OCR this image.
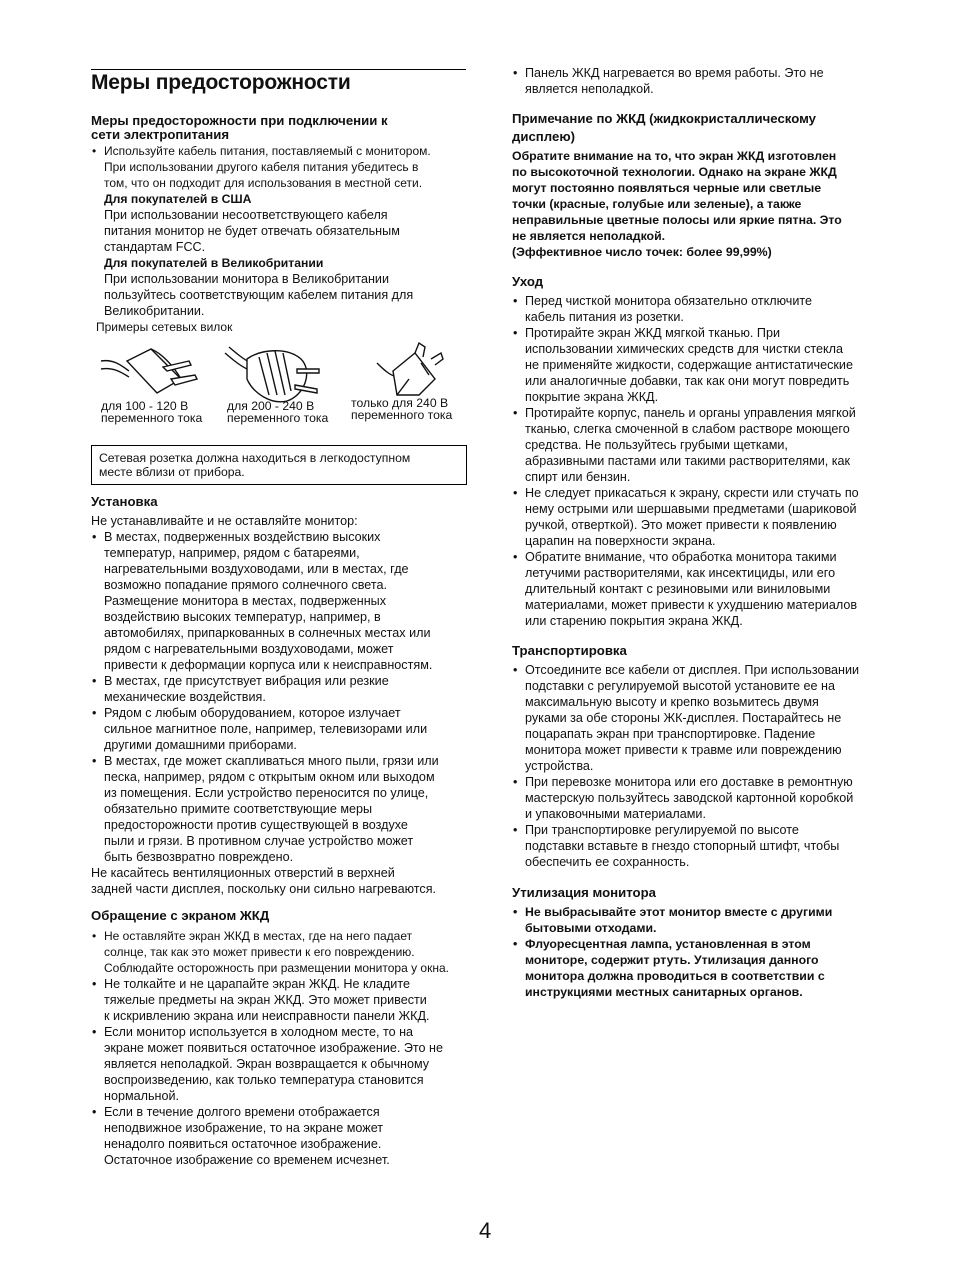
Меры предосторожности
Меры предосторожности при подключении к
сети электропитания
• Используйте кабель питания, поставляемый с монитором.
При использовании другого кабеля питания убедитесь в
том, что он подходит для использования в местной сети.

Для покупателей в США

При использовании несоответствующего кабеля
питания монитор не будет отвечать обязательным
стандартам FCC.

Для покупателей в Великобритании

При использовании монитора в Великобритании
пользуйтесь соответствующим кабелем питания для
Великобритании.

Примеры сетевых вилок

для 100 - 120 В
переменного тока
для 200 - 240 В
переменного тока
только для 240 В
переменного тока
Сетевая розетка должна находиться в легкодоступном
месте вблизи от прибора.

Установка

Не устанавливайте и не оставляйте монитор:

• В местах, подверженных воздействию высоких
температур, например, рядом с батареями,
нагревательными воздуховодами, или в местах, где
возможно попадание прямого солнечного света.
Размещение монитора в местах, подверженных
воздействию высоких температур, например, в
автомобилях, припаркованных в солнечных местах или
рядом с нагревательными воздуховодами, может
привести к деформации корпуса или к неисправностям.
• В местах, где присутствует вибрация или резкие
механические воздействия.
• Рядом с любым оборудованием, которое излучает
сильное магнитное поле, например, телевизорами или
другими домашними приборами.
• В местах, где может скапливаться много пыли, грязи или
песка, например, рядом с открытым окном или выходом
из помещения. Если устройство переносится по улице,
обязательно примите соответствующие меры
предосторожности против существующей в воздухе
пыли и грязи. В противном случае устройство может
быть безвозвратно повреждено.

Не касайтесь вентиляционных отверстий в верхней
задней части дисплея, поскольку они сильно нагреваются.

Обращение с экраном ЖКД

• Не оставляйте экран ЖКД в местах, где на него падает
солнце, так как это может привести к его повреждению.
Соблюдайте осторожность при размещении монитора у окна.
• Не толкайте и не царапайте экран ЖКД. Не кладите
тяжелые предметы на экран ЖКД. Это может привести
к искривлению экрана или неисправности панели ЖКД.
• Если монитор используется в холодном месте, то на
экране может появиться остаточное изображение. Это не
является неполадкой. Экран возвращается к обычному
воспроизведению, как только температура становится
нормальной.
• Если в течение долгого времени отображается
неподвижное изображение, то на экране может
ненадолго появиться остаточное изображение.
Остаточное изображение со временем исчезнет.
• Панель ЖКД нагревается во время работы. Это не
является неполадкой.
Примечание по ЖКД (жидкокристаллическому
дисплею)
Обратите внимание на то, что экран ЖКД изготовлен
по высокоточной технологии. Однако на экране ЖКД
могут постоянно появляться черные или светлые
точки (красные, голубые или зеленые), а также
неправильные цветные полосы или яркие пятна. Это
не является неполадкой.
(Эффективное число точек: более 99,99%)

Уход

• Перед чисткой монитора обязательно отключите
кабель питания из розетки.
• Протирайте экран ЖКД мягкой тканью. При
использовании химических средств для чистки стекла
не применяйте жидкости, содержащие антистатические
или аналогичные добавки, так как они могут повредить
покрытие экрана ЖКД.
• Протирайте корпус, панель и органы управления мягкой
тканью, слегка смоченной в слабом растворе моющего
средства. Не пользуйтесь грубыми щетками,
абразивными пастами или такими растворителями, как
спирт или бензин.
• Не следует прикасаться к экрану, скрести или стучать по
нему острыми или шершавыми предметами (шариковой
ручкой, отверткой). Это может привести к появлению
царапин на поверхности экрана.
• Обратите внимание, что обработка монитора такими
летучими растворителями, как инсектициды, или его
длительный контакт с резиновыми или виниловыми
материалами, может привести к ухудшению материалов
или старению покрытия экрана ЖКД.

Транспортировка

• Отсоедините все кабели от дисплея. При использовании
подставки с регулируемой высотой установите ее на
максимальную высоту и крепко возьмитесь двумя
руками за обе стороны ЖК-дисплея. Постарайтесь не
поцарапать экран при транспортировке. Падение
монитора может привести к травме или повреждению
устройства.
• При перевозке монитора или его доставке в ремонтную
мастерскую пользуйтесь заводской картонной коробкой
и упаковочными материалами.
• При транспортировке регулируемой по высоте
подставки вставьте в гнездо стопорный штифт, чтобы
обеспечить ее сохранность.

Утилизация монитора

• Не выбрасывайте этот монитор вместе с другими
бытовыми отходами.
• Флуоресцентная лампа, установленная в этом
мониторе, содержит ртуть. Утилизация данного
монитора должна проводиться в соответствии с
инструкциями местных санитарных органов.
4
